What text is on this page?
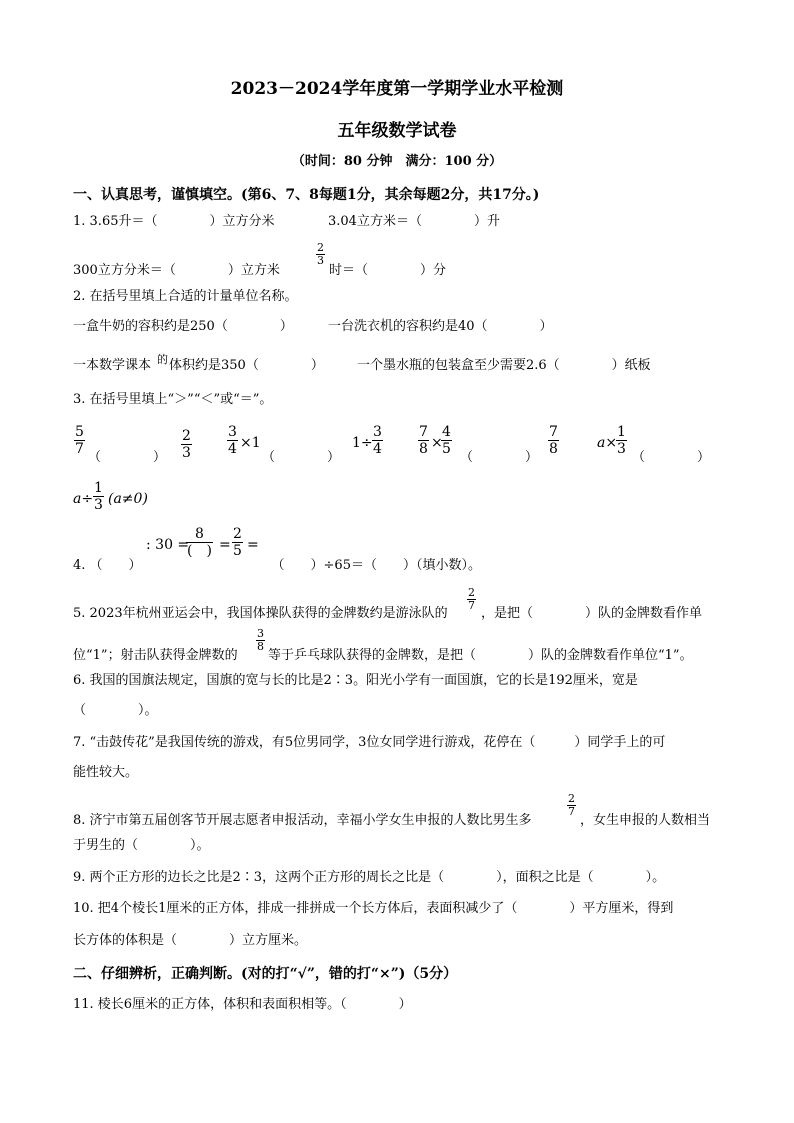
2023－2024学年度第一学期学业水平检测
五年级数学试卷
（时间：80 分钟　满分：100 分）
一、认真思考，谨慎填空。(第6、7、8每题1分，其余每题2分，共17分。)
1. 3.65升＝（　　　　）立方分米	3.04立方米＝（　　　　）升
300立方分米＝（　　　　）立方米
$\frac{2}{3}$
时＝（　　　　）分
2. 在括号里填上合适的计量单位名称。
一盒牛奶的容积约是250（　　　　）	一台洗衣机的容积约是40（　　　　）
一本数学课本 的 体积约是350（　　　　）	一个墨水瓶的包装盒至少需要2.6（　　　　）纸板
3. 在括号里填上“＞”“＜”或“＝”。
$\frac{5}{7}$
（　　　　） $\frac{2}{3}$	$\frac{3}{4} \times 1$
（　　　　）
$1\div \frac{3}{4}$	$\frac{7}{8}$ ×
$\frac{4}{5}$
（　　　　）
$\frac{7}{8}$	a×
$\frac{1}{3}$
（　　　　）
$a\div \frac{1}{3} (a\ne 0)$
: 30 =
8
(　) = $\frac{2}{5}$ =
4. （　　）　　　　　　　　　　　（　　）÷65＝（　　）（填小数）。
5. 2023年杭州亚运会中，我国体操队获得的金牌数约是游泳队的
$\frac{2}{7}$
，是把（　　　　）队的金牌数看作单
位“1”；射击队获得金牌数的
$\frac{3}{8}$
等于乒乓球队获得的金牌数，是把（　　　　）队的金牌数看作单位“1”。
6. 我国的国旗法规定，国旗的宽与长的比是2∶3。阳光小学有一面国旗，它的长是192厘米，宽是
（　　　　）。
7. “击鼓传花”是我国传统的游戏，有5位男同学，3位女同学进行游戏，花停在（　　　）同学手上的可
能性较大。
8. 济宁市第五届创客节开展志愿者申报活动，幸福小学女生申报的人数比男生多
$\frac{2}{7}$
，女生申报的人数相当
于男生的（　　　　）。
9. 两个正方形的边长之比是2∶3，这两个正方形的周长之比是（　　　　），面积之比是（　　　　）。
10. 把4个棱长1厘米的正方体，排成一排拼成一个长方体后，表面积减少了（　　　　）平方厘米，得到
长方体的体积是（　　　　）立方厘米。
二、仔细辨析，正确判断。(对的打“√”，错的打“×”)（5分）
11. 棱长6厘米的正方体，体积和表面积相等。（　　　　）
